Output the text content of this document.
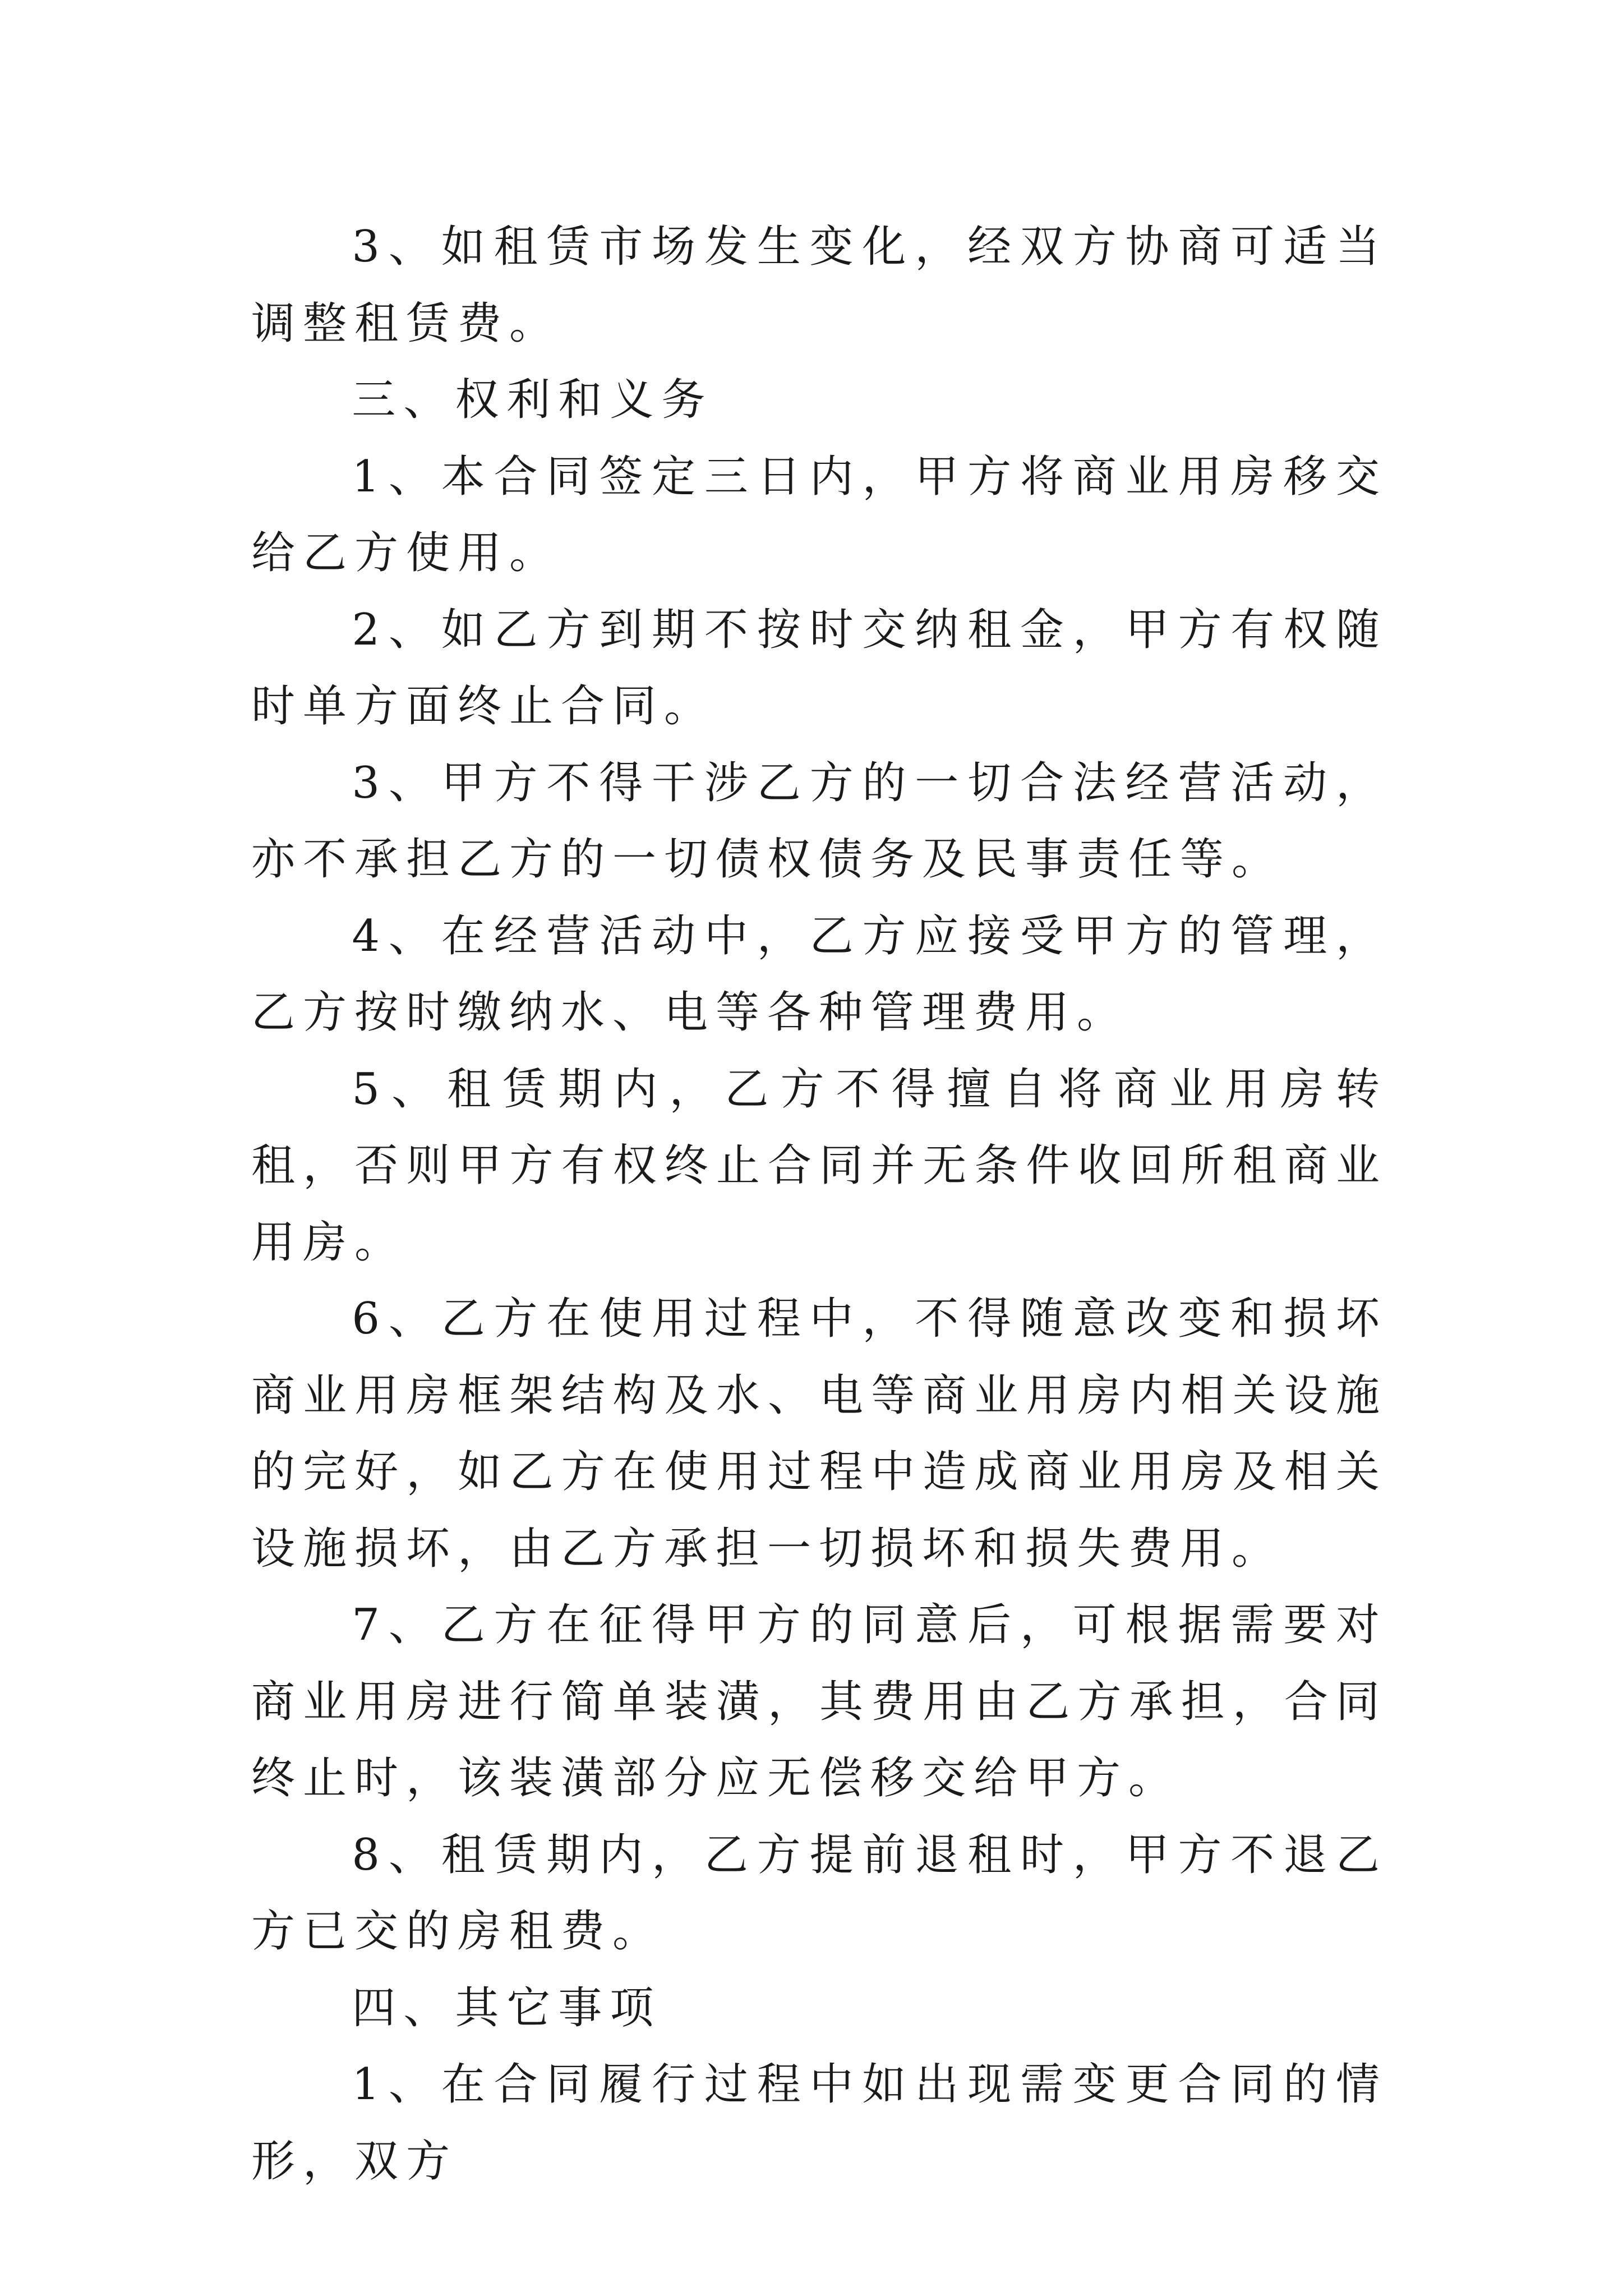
3、如租赁市场发生变化，经双方协商可适当调整租赁费。

三、权利和义务

1、本合同签定三日内，甲方将商业用房移交给乙方使用。

2、如乙方到期不按时交纳租金，甲方有权随时单方面终止合同。

3、甲方不得干涉乙方的一切合法经营活动，亦不承担乙方的一切债权债务及民事责任等。

4、在经营活动中，乙方应接受甲方的管理，乙方按时缴纳水、电等各种管理费用。

5、租赁期内，乙方不得擅自将商业用房转租，否则甲方有权终止合同并无条件收回所租商业用房。

6、乙方在使用过程中，不得随意改变和损坏商业用房框架结构及水、电等商业用房内相关设施的完好，如乙方在使用过程中造成商业用房及相关设施损坏，由乙方承担一切损坏和损失费用。

7、乙方在征得甲方的同意后，可根据需要对商业用房进行简单装潢，其费用由乙方承担，合同终止时，该装潢部分应无偿移交给甲方。

8、租赁期内，乙方提前退租时，甲方不退乙方已交的房租费。

四、其它事项

1、在合同履行过程中如出现需变更合同的情形，双方
